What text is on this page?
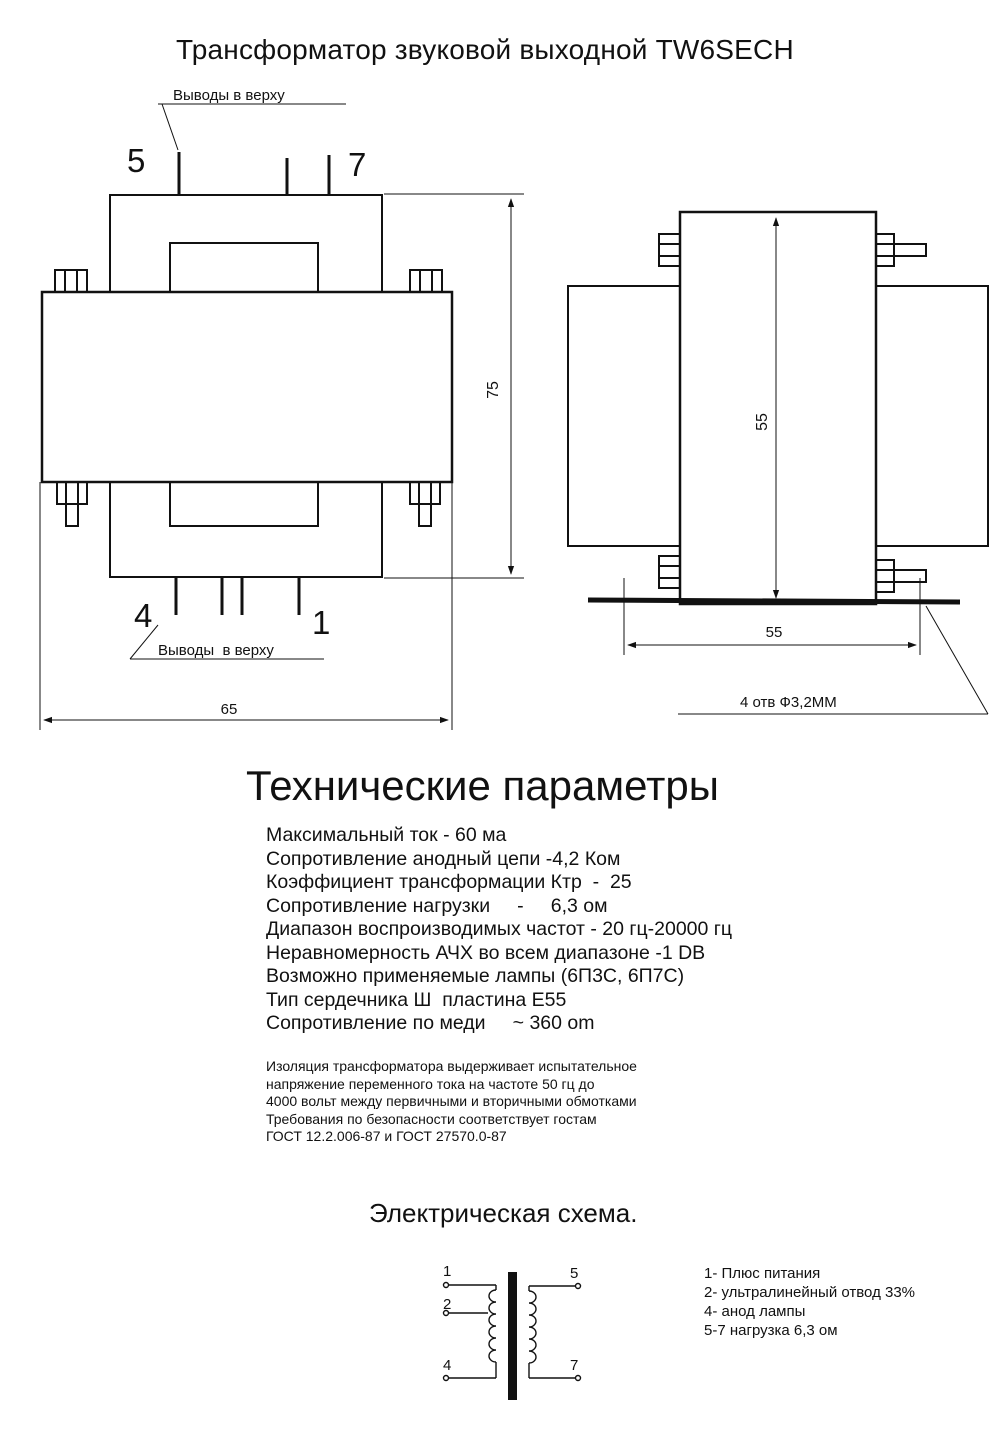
Трансформатор звуковой выходной TW6SECH
Выводы в верху
5	7
4	1
Выводы  в верху
75
65
55
55
4 отв Ф3,2ММ
1
2
4
5
7
Технические параметры
Максимальный ток - 60 ма
Сопротивление анодный цепи -4,2 Ком
Коэффициент трансформации Ктр  -  25
Сопротивление нагрузки     -     6,3 ом
Диапазон воспроизводимых частот - 20 гц-20000 гц
Неравномерность АЧХ во всем диапазоне -1 DB
Возможно применяемые лампы (6П3С, 6П7С)
Тип сердечника Ш  пластина Е55
Сопротивление по меди     ~ 360 om
Изоляция трансформатора выдерживает испытательное
напряжение переменного тока на частоте 50 гц до
4000 вольт между первичными и вторичными обмотками
Требования по безопасности соответствует гостам
ГОСТ 12.2.006-87 и ГОСТ 27570.0-87
Электрическая схема.
1- Плюс питания
2- ультралинейный отвод 33%
4- анод лампы
5-7 нагрузка 6,3 ом
